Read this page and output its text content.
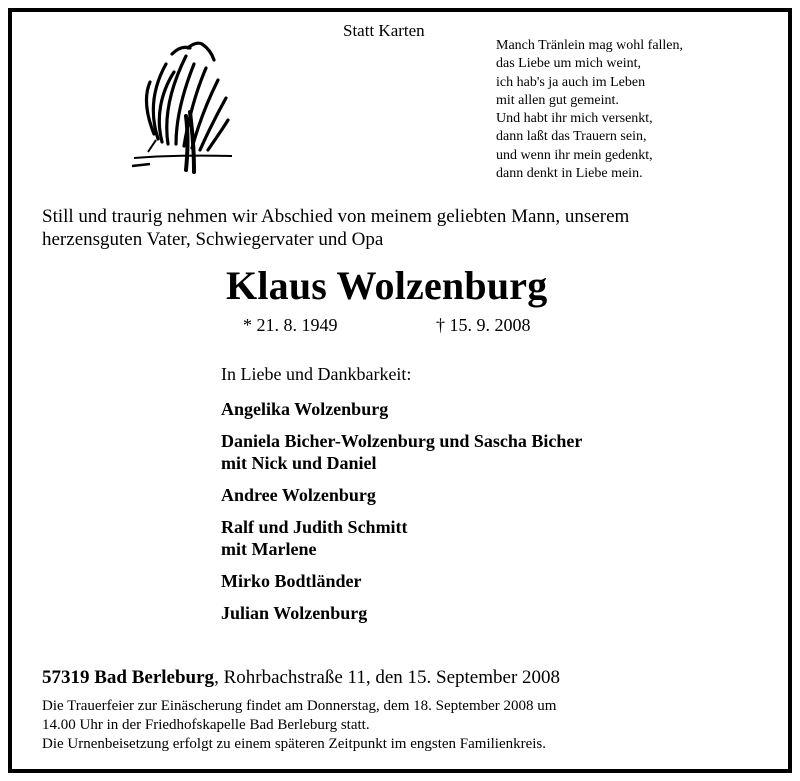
Statt Karten
Manch Tränlein mag wohl fallen,
das Liebe um mich weint,
ich hab's ja auch im Leben
mit allen gut gemeint.
Und habt ihr mich versenkt,
dann laßt das Trauern sein,
und wenn ihr mein gedenkt,
dann denkt in Liebe mein.
Still und traurig nehmen wir Abschied von meinem geliebten Mann, unserem
herzensguten Vater, Schwiegervater und Opa
Klaus Wolzenburg
* 21. 8. 1949	† 15. 9. 2008
In Liebe und Dankbarkeit:
Angelika Wolzenburg
Daniela Bicher-Wolzenburg und Sascha Bicher
mit Nick und Daniel
Andree Wolzenburg
Ralf und Judith Schmitt
mit Marlene
Mirko Bodtländer
Julian Wolzenburg
57319 Bad Berleburg, Rohrbachstraße 11, den 15. September 2008
Die Trauerfeier zur Einäscherung findet am Donnerstag, dem 18. September 2008 um
14.00 Uhr in der Friedhofskapelle Bad Berleburg statt.
Die Urnenbeisetzung erfolgt zu einem späteren Zeitpunkt im engsten Familienkreis.
